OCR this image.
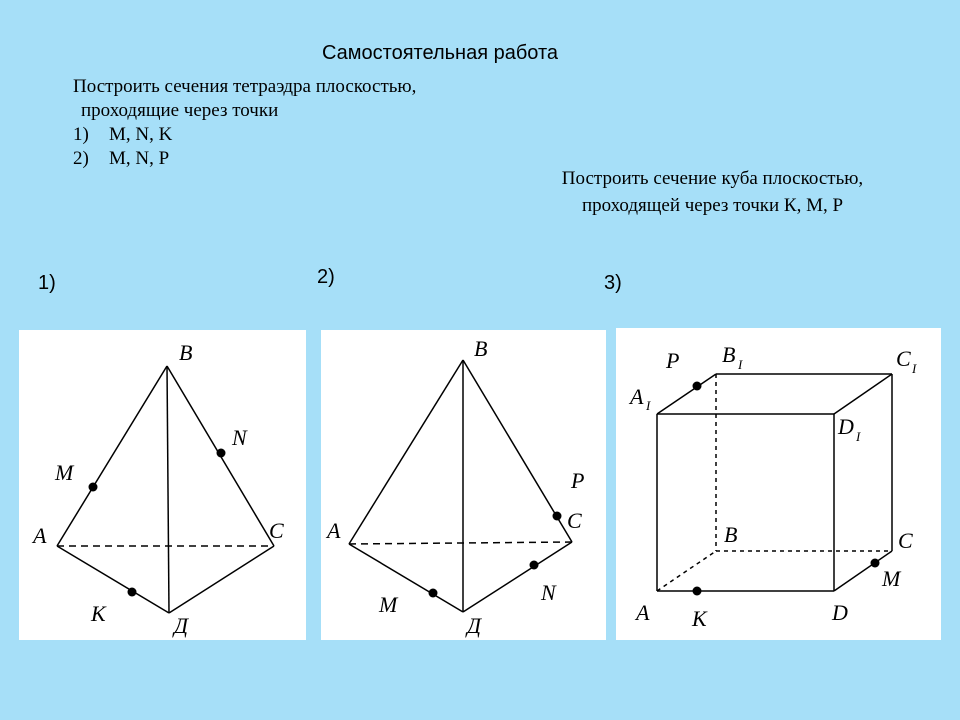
Самостоятельная работа
Построить сечения тетраэдра плоскостью,
проходящие через точки
1) M, N, K
2) M, N, P
Построить сечение куба плоскостью,
проходящей через точки К, М, Р
1)	2)	3)
B
N
M
A	C
K	Д
B
P
A	C
M	N
Д
P B I
A I
C I
D I
B	C
M
A K	D
